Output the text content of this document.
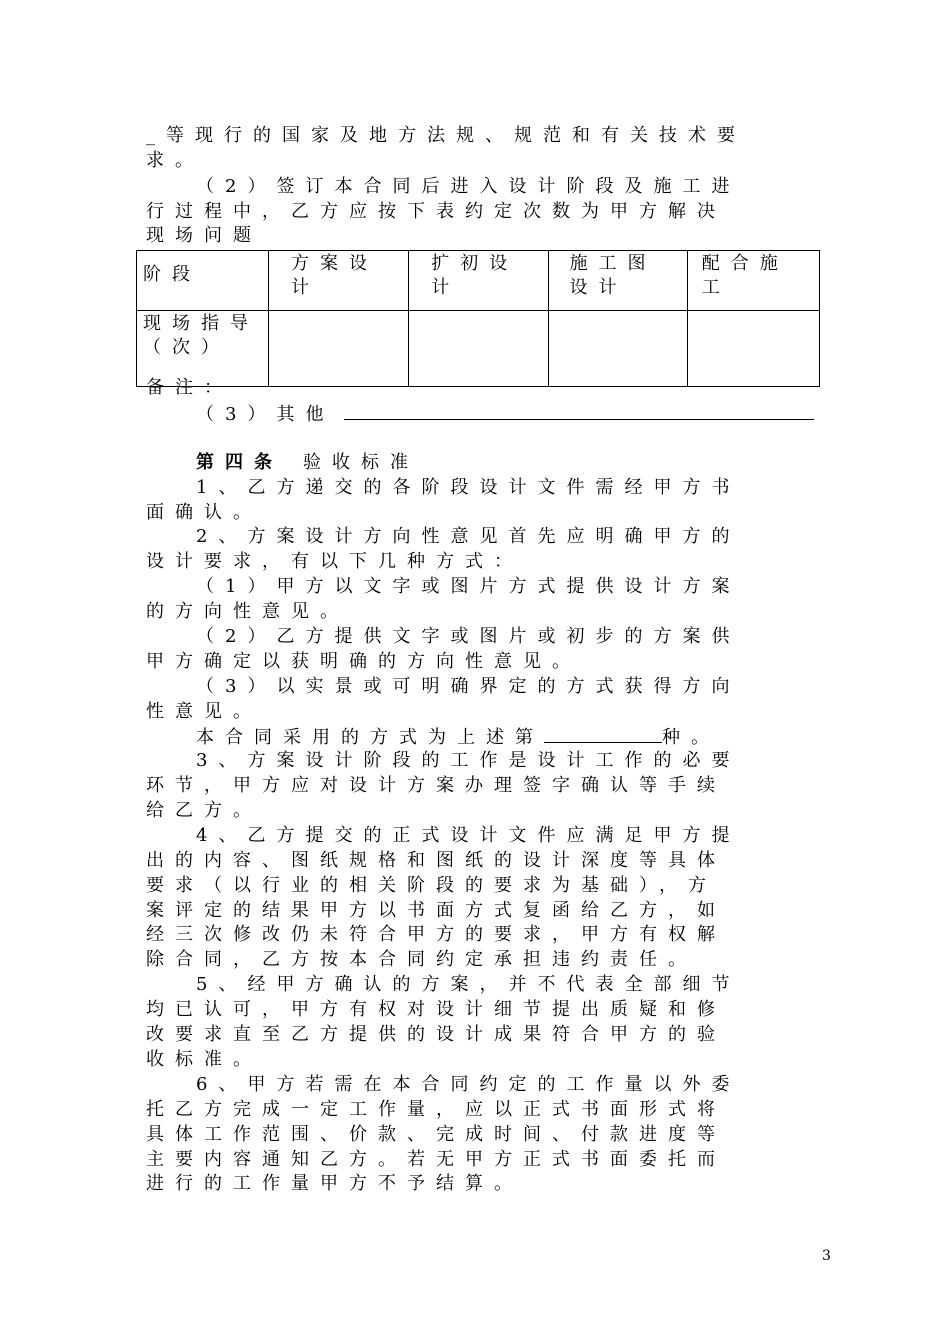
_等现行的国家及地方法规、规范和有关技术要
求。
（2）签订本合同后进入设计阶段及施工进
行过程中，乙方应按下表约定次数为甲方解决
现场问题
阶段	方案设计	扩初设计	施工图设计	配合施工
现场指导（次）				
备注：
（3）其他
第四条 验收标准
1、乙方递交的各阶段设计文件需经甲方书
面确认。
2、方案设计方向性意见首先应明确甲方的
设计要求，有以下几种方式：
（1）甲方以文字或图片方式提供设计方案
的方向性意见。
（2）乙方提供文字或图片或初步的方案供
甲方确定以获明确的方向性意见。
（3）以实景或可明确界定的方式获得方向
性意见。
本合同采用的方式为上述第	种。
3、方案设计阶段的工作是设计工作的必要
环节，甲方应对设计方案办理签字确认等手续
给乙方。
4、乙方提交的正式设计文件应满足甲方提
出的内容、图纸规格和图纸的设计深度等具体
要求（以行业的相关阶段的要求为基础），方
案评定的结果甲方以书面方式复函给乙方，如
经三次修改仍未符合甲方的要求，甲方有权解
除合同，乙方按本合同约定承担违约责任。
5、经甲方确认的方案，并不代表全部细节
均已认可，甲方有权对设计细节提出质疑和修
改要求直至乙方提供的设计成果符合甲方的验
收标准。
6、甲方若需在本合同约定的工作量以外委
托乙方完成一定工作量，应以正式书面形式将
具体工作范围、价款、完成时间、付款进度等
主要内容通知乙方。若无甲方正式书面委托而
进行的工作量甲方不予结算。
3
